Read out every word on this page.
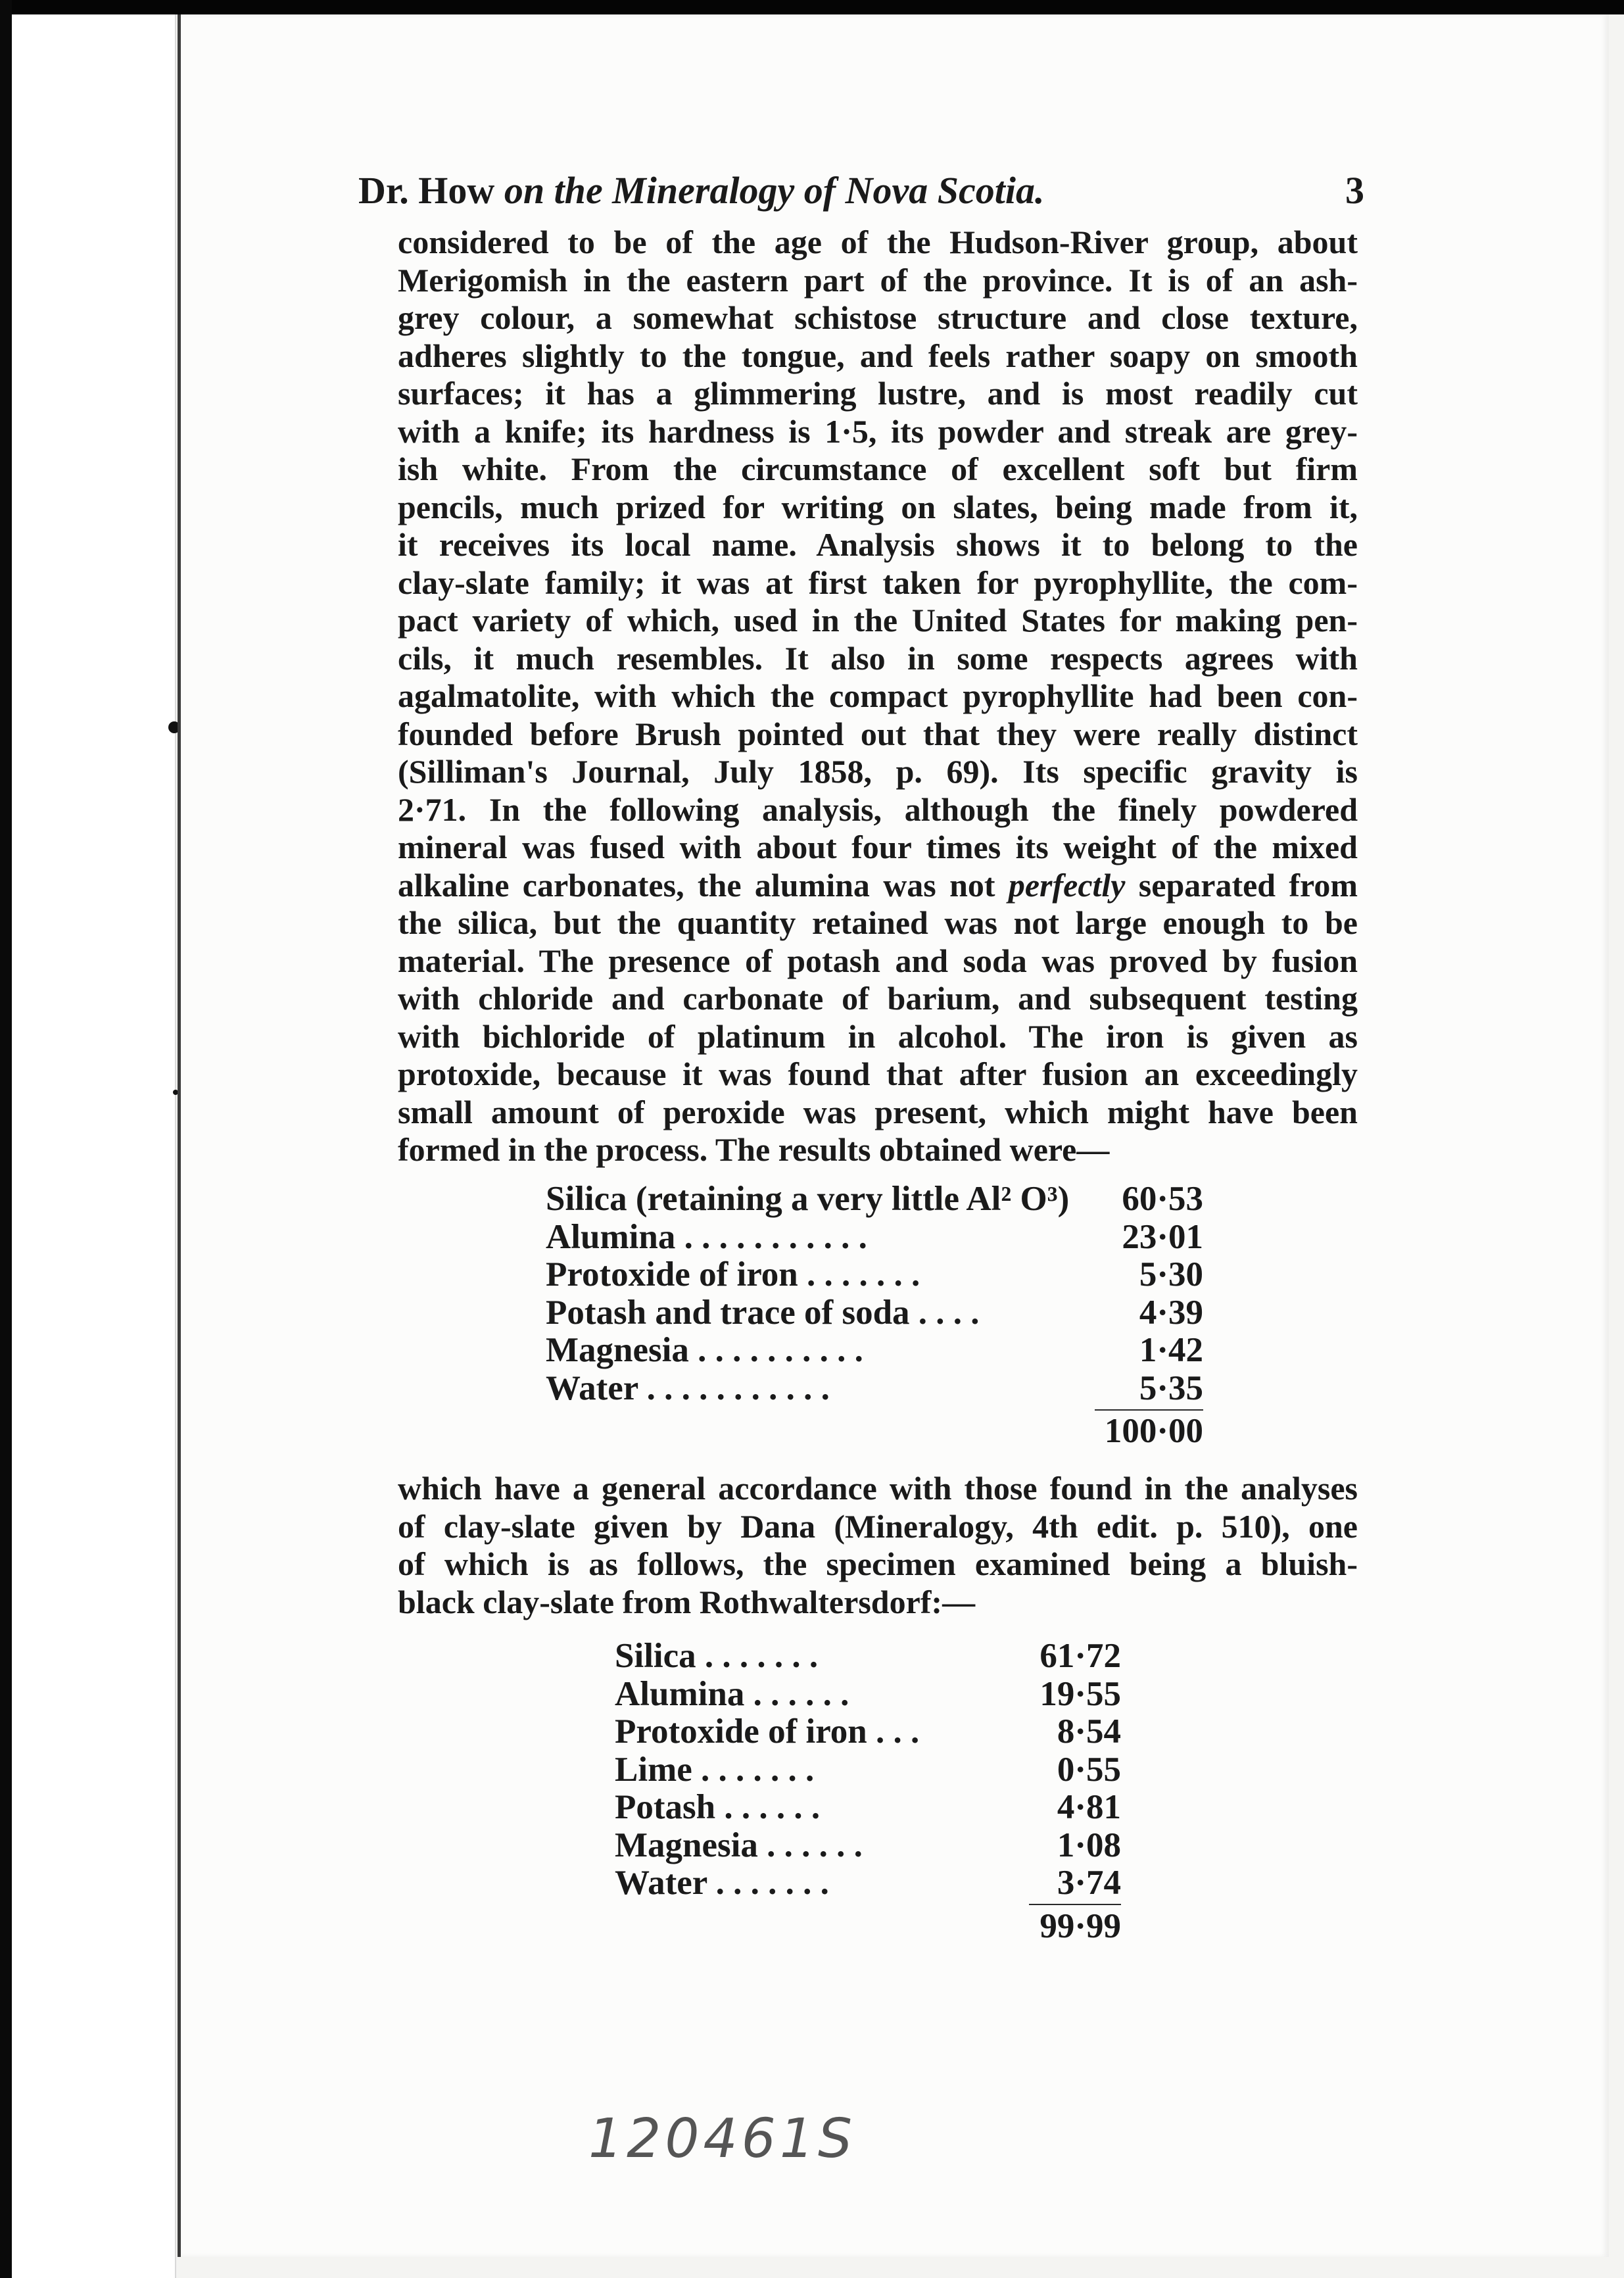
Dr. How on the Mineralogy of Nova Scotia.	3
considered to be of the age of the Hudson-River group, about
Merigomish in the eastern part of the province. It is of an ash-
grey colour, a somewhat schistose structure and close texture,
adheres slightly to the tongue, and feels rather soapy on smooth
surfaces; it has a glimmering lustre, and is most readily cut
with a knife; its hardness is 1·5, its powder and streak are grey-
ish white. From the circumstance of excellent soft but firm
pencils, much prized for writing on slates, being made from it,
it receives its local name. Analysis shows it to belong to the
clay-slate family; it was at first taken for pyrophyllite, the com-
pact variety of which, used in the United States for making pen-
cils, it much resembles. It also in some respects agrees with
agalmatolite, with which the compact pyrophyllite had been con-
founded before Brush pointed out that they were really distinct
(Silliman's Journal, July 1858, p. 69). Its specific gravity is
2·71. In the following analysis, although the finely powdered
mineral was fused with about four times its weight of the mixed
alkaline carbonates, the alumina was not perfectly separated from
the silica, but the quantity retained was not large enough to be
material. The presence of potash and soda was proved by fusion
with chloride and carbonate of barium, and subsequent testing
with bichloride of platinum in alcohol. The iron is given as
protoxide, because it was found that after fusion an exceedingly
small amount of peroxide was present, which might have been
formed in the process. The results obtained were—
Silica (retaining a very little Al² O³) 60·53
Alumina . . . . . . . . . . .	23·01
Protoxide of iron . . . . . . .	5·30
Potash and trace of soda . . . .	4·39
Magnesia . . . . . . . . . .	1·42
Water . . . . . . . . . . .	5·35
100·00
which have a general accordance with those found in the analyses
of clay-slate given by Dana (Mineralogy, 4th edit. p. 510), one
of which is as follows, the specimen examined being a bluish-
black clay-slate from Rothwaltersdorf:—
Silica . . . . . . .	61·72
Alumina . . . . . .	19·55
Protoxide of iron . . .	8·54
Lime . . . . . . .	0·55
Potash . . . . . .	4·81
Magnesia . . . . . .	1·08
Water . . . . . . .	3·74
99·99
120461S
